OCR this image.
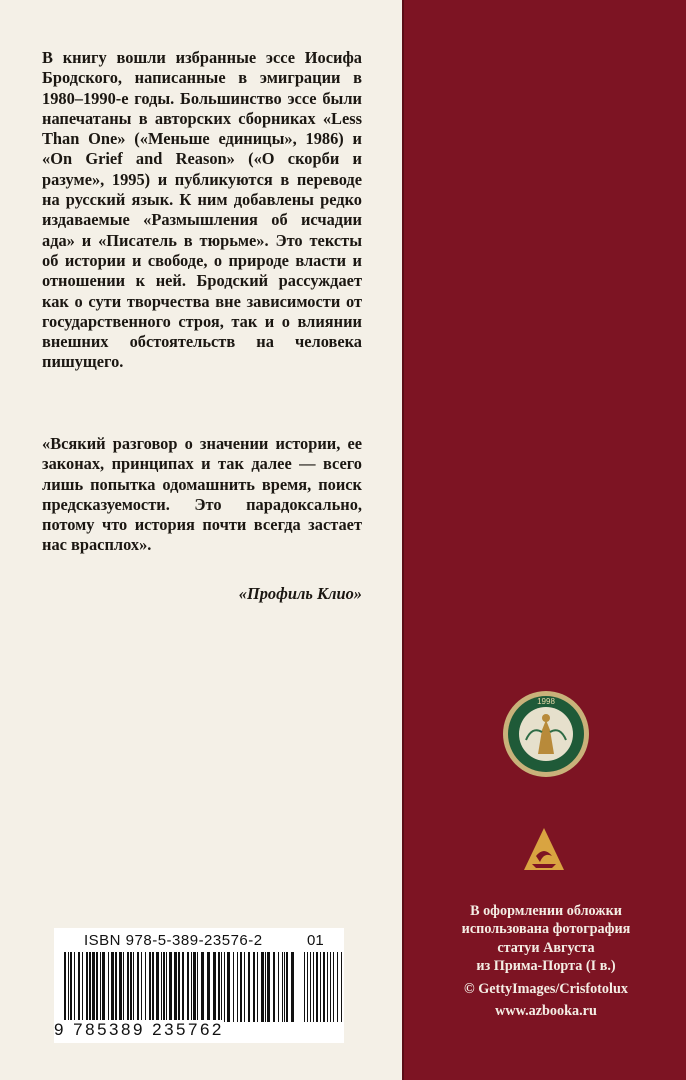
В книгу вошли избранные эссе Иосифа Бродского, написанные в эмиграции в 1980–1990-е годы. Большинство эссе были напечатаны в авторских сборниках «Less Than One» («Меньше единицы», 1986) и «On Grief and Reason» («О скорби и разуме», 1995) и публикуются в переводе на русский язык. К ним добавлены редко издаваемые «Размышления об исчадии ада» и «Писатель в тюрьме». Это тексты об истории и свободе, о природе власти и отношении к ней. Бродский рассуждает как о сути творчества вне зависимости от государственного строя, так и о влиянии внешних обстоятельств на человека пишущего.
«Всякий разговор о значении истории, ее законах, принципах и так далее — всего лишь попытка одомашнить время, поиск предсказуемости. Это парадоксально, потому что история почти всегда застает нас врасплох».
«Профиль Клио»
ISBN 978-5-389-23576-2	01
9 785389 235762
1998
В оформлении обложки
использована фотография
статуи Августа
из Прима-Порта (I в.)
© GettyImages/Crisfotolux
www.azbooka.ru
